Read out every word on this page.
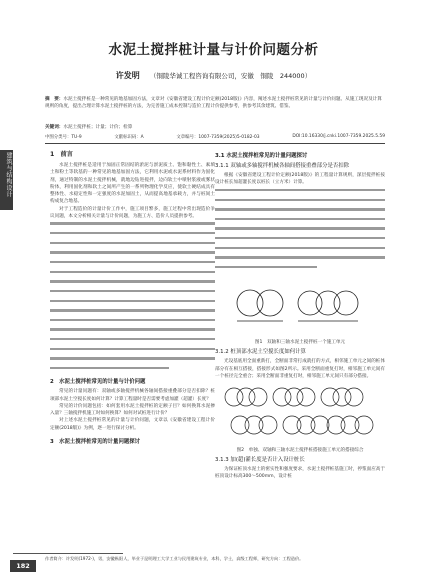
建筑与结构设计
水泥土搅拌桩计量与计价问题分析
许发明 （铜陵华诚工程咨询有限公司，安徽　铜陵　244000）
摘　要：水泥土搅拌桩是一种常见的地基加固方法，文章对《安徽省建设工程计价定额(2018版)》内容，阐述水泥土搅拌桩常见的计量与计价问题。从施工现况及计算规则的角度，提出合理计算水泥土搅拌桩的方法，为完善施工成本控制与造价工程计价提供参考，供参考其余建筑、借鉴。
关键词：水泥土搅拌桩；计量；计价；检算
中图分类号：TU-9	文献标识码：A	文章编号：1007-7359(2025)5-0182-03	DOI:10.16330/j.cnki.1007-7359.2025.5.59
1　前言

水泥土搅拌桩是适用于加固正常固结的淤泥与淤泥质土、饱和黏性土、素填土和粉土等软基的一种常见的地基加固方法，它利用水泥或水泥系材料作为固化剂，通过特制的水泥土搅拌机械，就地边钻进搅拌，边向软土中喷射浆液或雾状粉体，利用固化剂和软土之间所产生的一系列物理化学反应，使软土硬结成具有整体性、水稳定性和一定强度的水泥加固土，从而提高地基承载力，并与桩间土构成复合地基。

对于工程造价的计量计价工作中，施工项目繁多，施工过程中常出现造价争议问题，本文分析相关计量与计价问题，为施工方、造价人员提供参考。

2　水泥土搅拌桩常见的计量与计价问题

常见的计量问题有：双轴或多轴搅拌机械各轴间搭接重叠部分是否扣除？桩项部水泥土空搅长度如何计算？计算工程量时是否需要考虑加灌（超灌）长度？

常见的计价问题包括：如何套用水泥土搅拌桩的定额子目？如何换算水泥掺入量？三轴搅拌机施工时如何换算？如何对试桩进行计价？

对上述水泥土搅拌桩常见的计量与计价问题，文章以《安徽省建设工程计价定额(2018版)》为例，逐一进行探讨分析。

3　水泥土搅拌桩常见的计量问题探讨
3.1 水泥土搅拌桩常见的计量问题探讨
3.1.1 双轴或多轴搅拌机械各轴间搭接重叠部分是否扣除

根据《安徽省建设工程计价定额(2018版)》的工程量计算规则，深层搅拌桩按设计桩长加超灌长度以桩长（立方米）计算。

图1　双轴和三轴水泥土搅拌桩一个施工单元

3.1.2 桩顶部水泥土空搅长度如何计算

光设基底用全面重新打，全断面非常打成就打的方式，相邻施工单元之间的桩体部分有在相互搭接，搭接形式如图2所示。采用全断面重复打时，相邻施工单元间有一个桩径完全重合；采用全断面非重复打时，相邻施工单元间只有部分搭接。

图2　单独、双轴和三轴水泥土搅拌桩搭接施工单元的搭接综合

3.1.3 加(超)灌长度是否计入设计桩长

为保证桩顶水泥土的密实性和强度要求，水泥土搅拌桩基施工时，停浆面应高于桩顶设计标高300～500mm，设计桩

作者简介：许发明(1972-)，男，安徽枞阳人，毕业于昆明理工大学工业与民用建筑专业，本科，学士，高级工程师，研究方向：工程造价。
182
